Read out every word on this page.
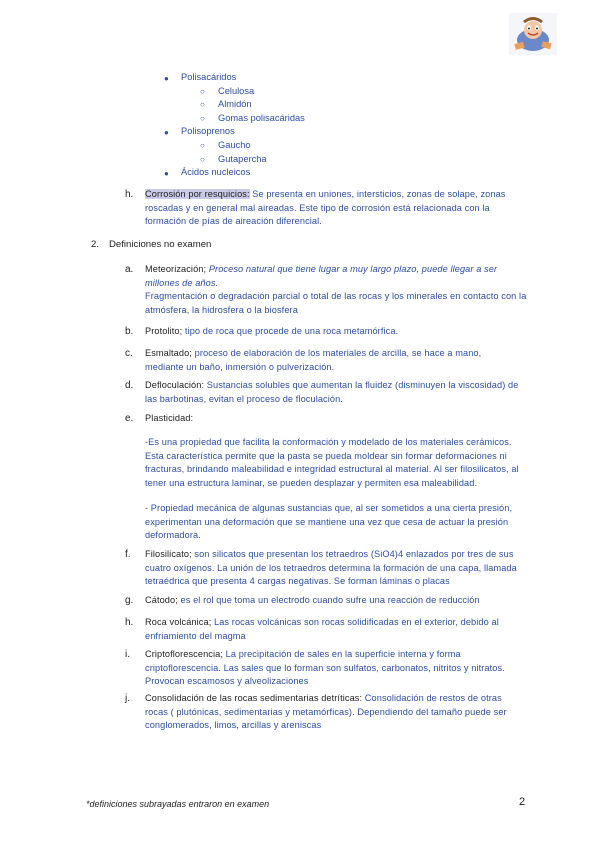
● Polisacáridos
○ Celulosa
○ Almidón
○ Gomas polisacáridas
● Polisoprenos
○ Gaucho
○ Gutapercha
● Ácidos nucleicos
h. Corrosión por resquicios: Se presenta en uniones, intersticios, zonas de solape, zonas roscadas y en general mal aireadas. Este tipo de corrosión está relacionada con la formación de pías de aireación diferencial.
2. Definiciones no examen
a. Meteorización; Proceso natural que tiene lugar a muy largo plazo, puede llegar a ser millones de años.
Fragmentación o degradación parcial o total de las rocas y los minerales en contacto con la atmósfera, la hidrosfera o la biosfera
b. Protolito; tipo de roca que procede de una roca metamórfica.
c. Esmaltado; proceso de elaboración de los materiales de arcilla, se hace a mano, mediante un baño, inmersión o pulverización.
d. Defloculación: Sustancias solubles que aumentan la fluidez (disminuyen la viscosidad) de las barbotinas, evitan el proceso de floculación.
e. Plasticidad:
-Es una propiedad que facilita la conformación y modelado de los materiales cerámicos. Esta característica permite que la pasta se pueda moldear sin formar deformaciones ni fracturas, brindando maleabilidad e integridad estructural al material. Al ser filosilicatos, al tener una estructura laminar, se pueden desplazar y permiten esa maleabilidad.
- Propiedad mecánica de algunas sustancias que, al ser sometidos a una cierta presión, experimentan una deformación que se mantiene una vez que cesa de actuar la presión deformadora.
f. Filosilicato; son silicatos que presentan los tetraedros (SiO4)4 enlazados por tres de sus cuatro oxígenos. La unión de los tetraedros determina la formación de una capa, llamada tetraédrica que presenta 4 cargas negativas. Se forman láminas o placas
g. Cátodo; es el rol que toma un electrodo cuando sufre una reacción de reducción
h. Roca volcánica; Las rocas volcánicas son rocas solidificadas en el exterior, debido al enfriamiento del magma
i. Criptoflorescencia; La precipitación de sales en la superficie interna y forma criptoflorescencia. Las sales que lo forman son sulfatos, carbonatos, nitritos y nitratos. Provocan escamosos y alveolizaciones
j. Consolidación de las rocas sedimentarias detríticas: Consolidación de restos de otras rocas ( plutónicas, sedimentarias y metamórficas). Dependiendo del tamaño puede ser conglomerados, limos, arcillas y areniscas
*definiciones subrayadas entraron en examen	2
